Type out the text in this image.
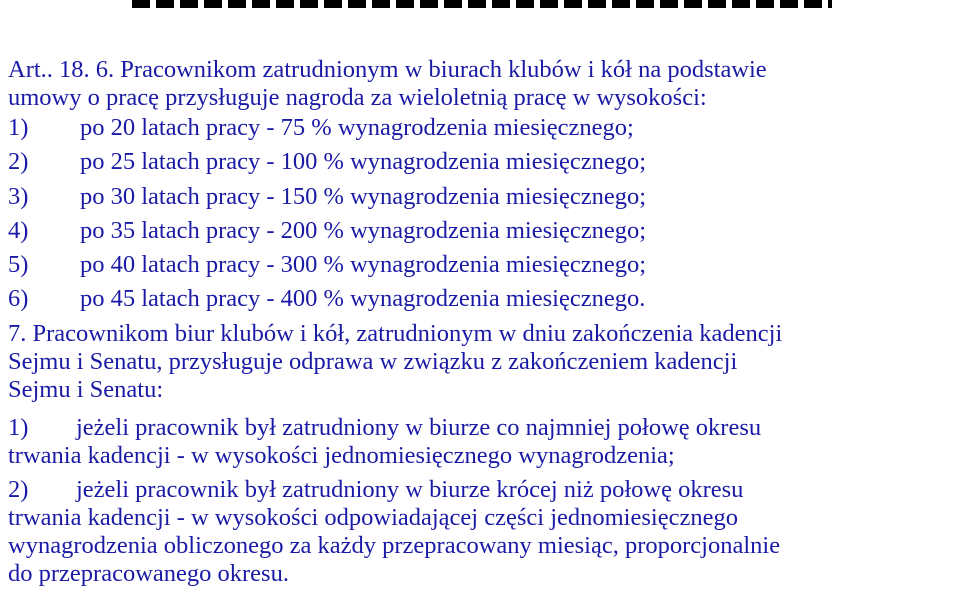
Art.. 18. 6. Pracownikom zatrudnionym w biurach klubów i kół na podstawie
umowy o pracę przysługuje nagroda za wieloletnią pracę w wysokości:
1) po 20 latach pracy - 75 % wynagrodzenia miesięcznego;
2) po 25 latach pracy - 100 % wynagrodzenia miesięcznego;
3) po 30 latach pracy - 150 % wynagrodzenia miesięcznego;
4) po 35 latach pracy - 200 % wynagrodzenia miesięcznego;
5) po 40 latach pracy - 300 % wynagrodzenia miesięcznego;
6) po 45 latach pracy - 400 % wynagrodzenia miesięcznego.
7. Pracownikom biur klubów i kół, zatrudnionym w dniu zakończenia kadencji
Sejmu i Senatu, przysługuje odprawa w związku z zakończeniem kadencji
Sejmu i Senatu:
1) jeżeli pracownik był zatrudniony w biurze co najmniej połowę okresu
trwania kadencji - w wysokości jednomiesięcznego wynagrodzenia;
2) jeżeli pracownik był zatrudniony w biurze krócej niż połowę okresu
trwania kadencji - w wysokości odpowiadającej części jednomiesięcznego
wynagrodzenia obliczonego za każdy przepracowany miesiąc, proporcjonalnie
do przepracowanego okresu.
